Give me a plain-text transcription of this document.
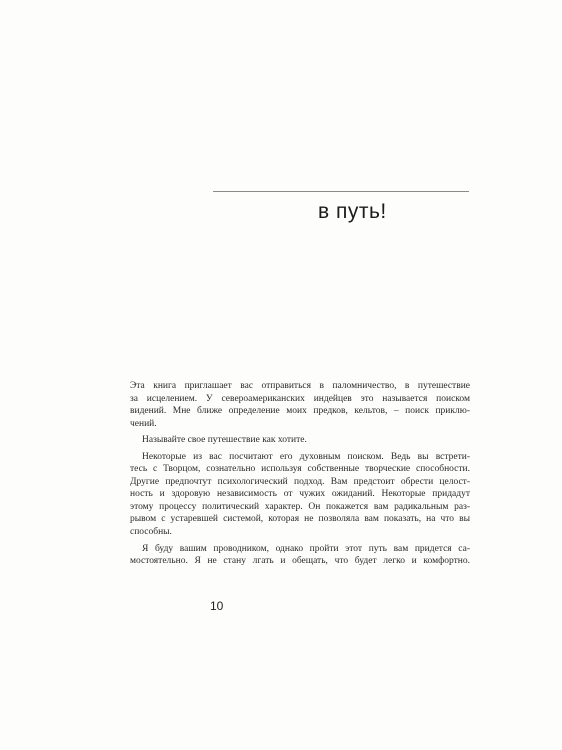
в путь!

Эта книга приглашает вас отправиться в паломничество, в путешествие

за исцелением. У североамериканских индейцев это называется поиском

видений. Мне ближе определение моих предков, кельтов, – поиск приклю-

чений.

Называйте свое путешествие как хотите.

Некоторые из вас посчитают его духовным поиском. Ведь вы встрети-

тесь с Творцом, сознательно используя собственные творческие способности.

Другие предпочтут психологический подход. Вам предстоит обрести целост-

ность и здоровую независимость от чужих ожиданий. Некоторые придадут

этому процессу политический характер. Он покажется вам радикальным раз-

рывом с устаревшей системой, которая не позволяла вам показать, на что вы

способны.

Я буду вашим проводником, однако пройти этот путь вам придется са-

мостоятельно. Я не стану лгать и обещать, что будет легко и комфортно.

10
